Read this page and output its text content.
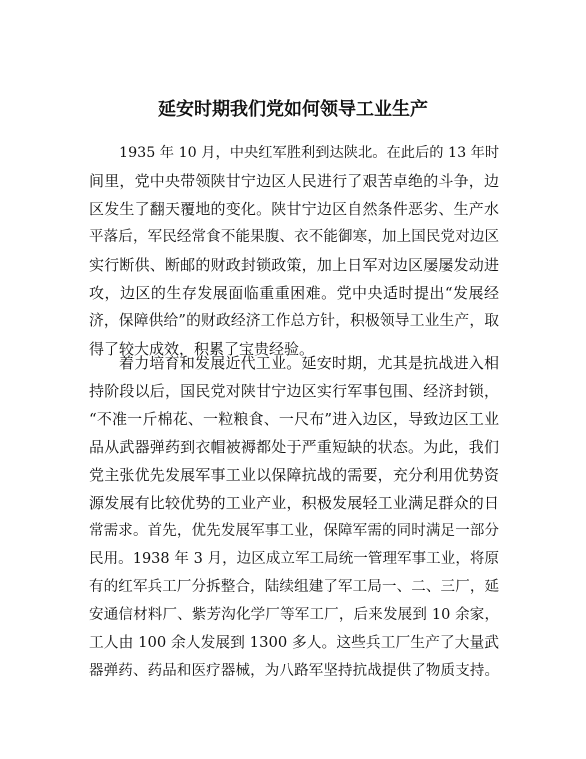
延安时期我们党如何领导工业生产
1935 年 10 月，中央红军胜利到达陕北。在此后的 13 年时
间里，党中央带领陕甘宁边区人民进行了艰苦卓绝的斗争，边
区发生了翻天覆地的变化。陕甘宁边区自然条件恶劣、生产水
平落后，军民经常食不能果腹、衣不能御寒，加上国民党对边区
实行断供、断邮的财政封锁政策，加上日军对边区屡屡发动进
攻，边区的生存发展面临重重困难。党中央适时提出“发展经
济，保障供给”的财政经济工作总方针，积极领导工业生产，取
得了较大成效，积累了宝贵经验。
着力培育和发展近代工业。延安时期，尤其是抗战进入相
持阶段以后，国民党对陕甘宁边区实行军事包围、经济封锁，
“不准一斤棉花、一粒粮食、一尺布”进入边区，导致边区工业
品从武器弹药到衣帽被褥都处于严重短缺的状态。为此，我们
党主张优先发展军事工业以保障抗战的需要，充分利用优势资
源发展有比较优势的工业产业，积极发展轻工业满足群众的日
常需求。首先，优先发展军事工业，保障军需的同时满足一部分
民用。1938 年 3 月，边区成立军工局统一管理军事工业，将原
有的红军兵工厂分拆整合，陆续组建了军工局一、二、三厂，延
安通信材料厂、紫芳沟化学厂等军工厂，后来发展到 10 余家，
工人由 100 余人发展到 1300 多人。这些兵工厂生产了大量武
器弹药、药品和医疗器械，为八路军坚持抗战提供了物质支持。
